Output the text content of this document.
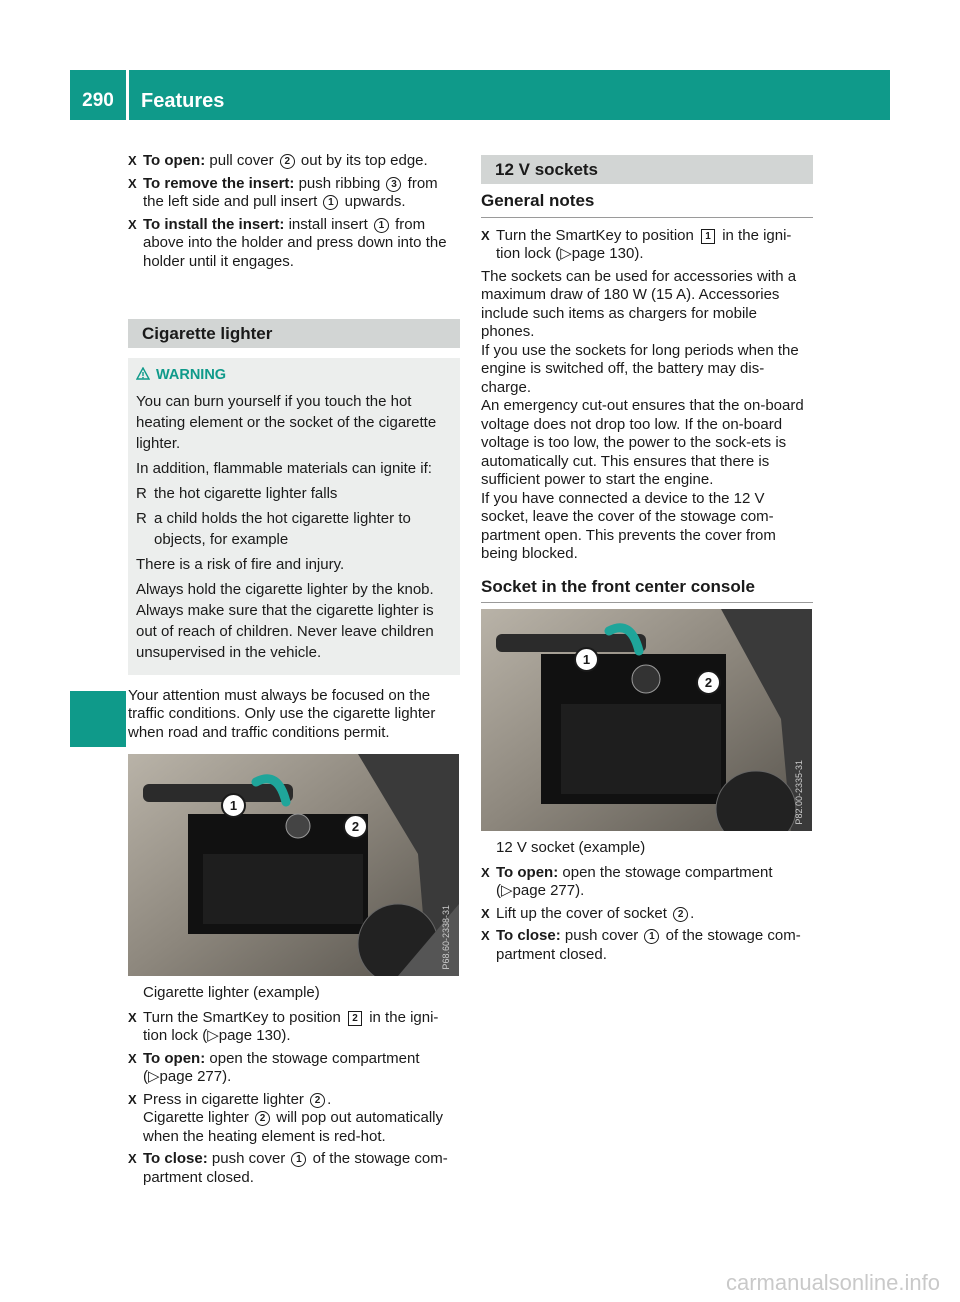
290	Features
X To open: pull cover 2 out by its top edge.
X To remove the insert: push ribbing 3 from the left side and pull insert 1 upwards.
X To install the insert: install insert 1 from above into the holder and press down into the holder until it engages.
Cigarette lighter
WARNING

You can burn yourself if you touch the hot heating element or the socket of the cigarette lighter.

In addition, flammable materials can ignite if:

R the hot cigarette lighter falls
R a child holds the hot cigarette lighter to objects, for example

There is a risk of fire and injury.

Always hold the cigarette lighter by the knob. Always make sure that the cigarette lighter is out of reach of children. Never leave children unsupervised in the vehicle.

Your attention must always be focused on the traffic conditions. Only use the cigarette lighter when road and traffic conditions permit.

1
2
P68.60-2338-31

Cigarette lighter (example)

X Turn the SmartKey to position 2 in the igni-tion lock (▷page 130).
X To open: open the stowage compartment (▷page 277).
X Press in cigarette lighter 2 .
Cigarette lighter 2 will pop out automatically when the heating element is red-hot.
X To close: push cover 1 of the stowage com-partment closed.
12 V sockets
General notes
X Turn the SmartKey to position 1 in the igni-tion lock (▷page 130).

The sockets can be used for accessories with a maximum draw of 180 W (15 A). Accessories include such items as chargers for mobile phones.

If you use the sockets for long periods when the engine is switched off, the battery may dis-charge.

An emergency cut-out ensures that the on-board voltage does not drop too low. If the on-board voltage is too low, the power to the sock-ets is automatically cut. This ensures that there is sufficient power to start the engine.

If you have connected a device to the 12 V socket, leave the cover of the stowage com-partment open. This prevents the cover from being blocked.

Socket in the front center console
1
2
P82.00-2335-31

12 V socket (example)

X To open: open the stowage compartment (▷page 277).
X Lift up the cover of socket 2 .
X To close: push cover 1 of the stowage com-partment closed.
carmanualsonline.info
